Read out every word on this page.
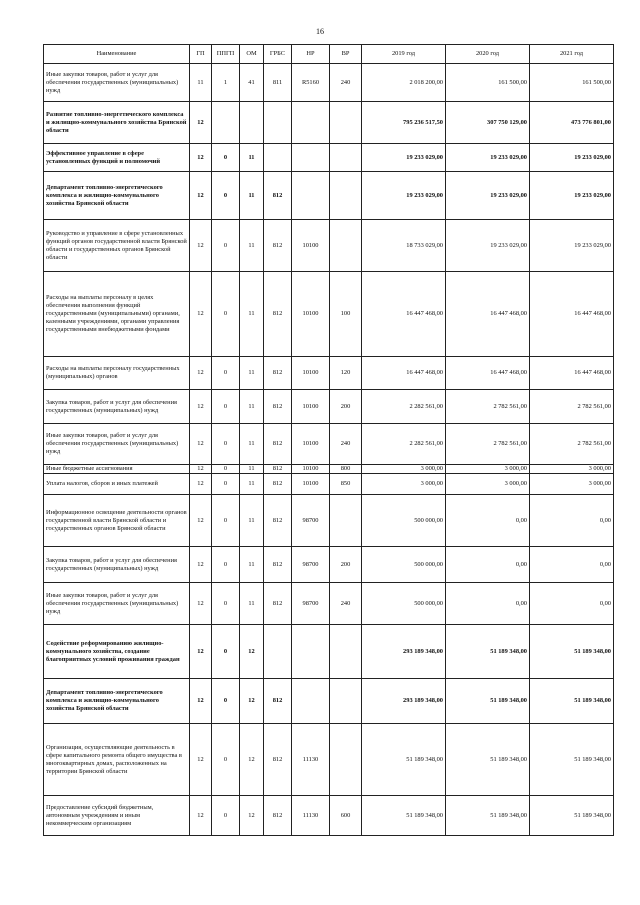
16
Наименование	ГП	ППГП	ОМ	ГРБС	НР	ВР	2019 год	2020 год	2021 год
Иные закупки товаров, работ и услуг для обеспечения государственных (муниципальных) нужд	11	1	41	811	R5160	240	2 018 200,00	161 500,00	161 500,00
Развитие топливно-энергетического комплекса и жилищно-коммунального хозяйства Брянской области	12						795 236 517,50	307 750 129,00	473 776 801,00
Эффективное управление в сфере установленных функций и полномочий	12	0	11				19 233 029,00	19 233 029,00	19 233 029,00
Департамент топливно-энергетического комплекса и жилищно-коммунального хозяйства Брянской области	12	0	11	812			19 233 029,00	19 233 029,00	19 233 029,00
Руководство и управление в сфере установленных функций органов государственной власти Брянской области и государственных органов Брянской области	12	0	11	812	10100		18 733 029,00	19 233 029,00	19 233 029,00
Расходы на выплаты персоналу в целях обеспечения выполнения функций государственными (муниципальными) органами, казенными учреждениями, органами управления государственными внебюджетными фондами	12	0	11	812	10100	100	16 447 468,00	16 447 468,00	16 447 468,00
Расходы на выплаты персоналу государственных (муниципальных) органов	12	0	11	812	10100	120	16 447 468,00	16 447 468,00	16 447 468,00
Закупка товаров, работ и услуг для обеспечения государственных (муниципальных) нужд	12	0	11	812	10100	200	2 282 561,00	2 782 561,00	2 782 561,00
Иные закупки товаров, работ и услуг для обеспечения государственных (муниципальных) нужд	12	0	11	812	10100	240	2 282 561,00	2 782 561,00	2 782 561,00
Иные бюджетные ассигнования	12	0	11	812	10100	800	3 000,00	3 000,00	3 000,00
Уплата налогов, сборов и иных платежей	12	0	11	812	10100	850	3 000,00	3 000,00	3 000,00
Информационное освещение деятельности органов государственной власти Брянской области и государственных органов Брянской области	12	0	11	812	98700		500 000,00	0,00	0,00
Закупка товаров, работ и услуг для обеспечения государственных (муниципальных) нужд	12	0	11	812	98700	200	500 000,00	0,00	0,00
Иные закупки товаров, работ и услуг для обеспечения государственных (муниципальных) нужд	12	0	11	812	98700	240	500 000,00	0,00	0,00
Содействие реформированию жилищно-коммунального хозяйства, создание благоприятных условий проживания граждан	12	0	12				293 189 348,00	51 189 348,00	51 189 348,00
Департамент топливно-энергетического комплекса и жилищно-коммунального хозяйства Брянской области	12	0	12	812			293 189 348,00	51 189 348,00	51 189 348,00
Организация, осуществляющие деятельность в сфере капитального ремонта общего имущества в многоквартирных домах, расположенных на территории Брянской области	12	0	12	812	11130		51 189 348,00	51 189 348,00	51 189 348,00
Предоставление субсидий бюджетным, автономным учреждениям и иным некоммерческим организациям	12	0	12	812	11130	600	51 189 348,00	51 189 348,00	51 189 348,00
